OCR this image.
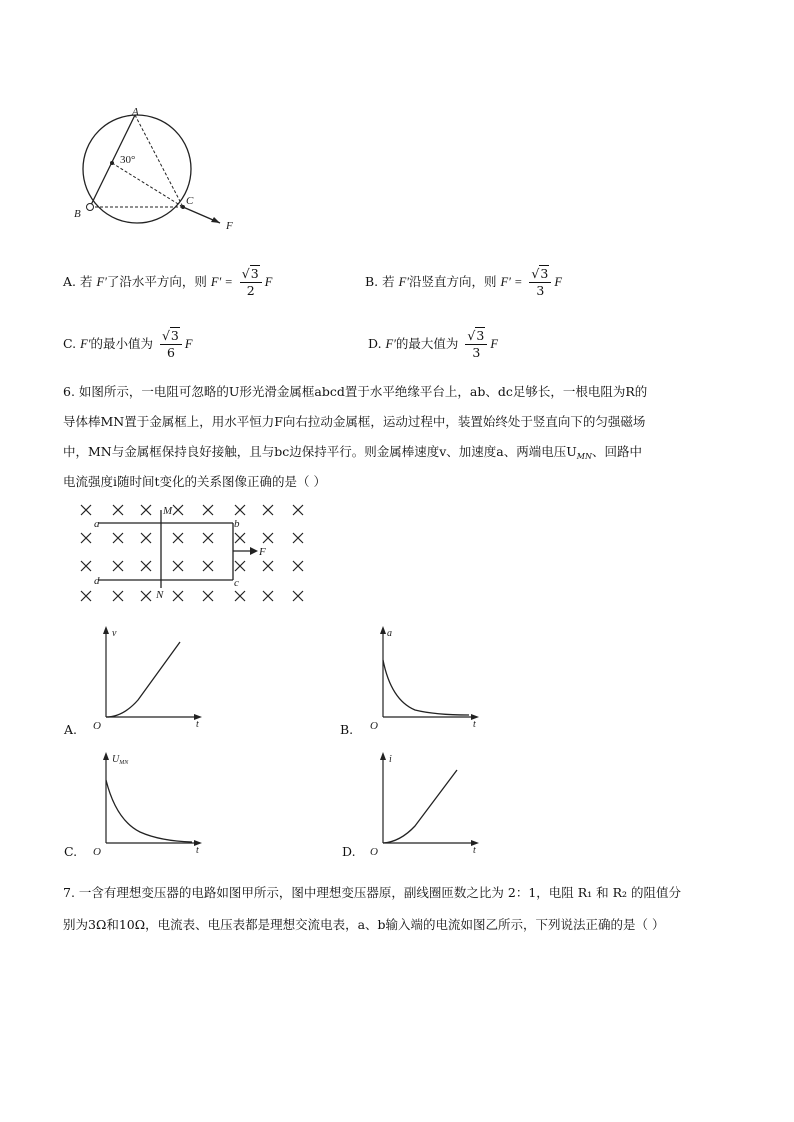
A
B
C
F
30°
A. 若 F′了沿水平方向，则 $F' = \frac{√3}{2}$ F	B. 若 F′沿竖直方向，则 $F' = \frac{√3}{3}$ F
C. F′的最小值为 $\frac{√3}{6}$ F	D. F′的最大值为 $\frac{√3}{3}$ F
6. 如图所示，一电阻可忽略的U形光滑金属框abcd置于水平绝缘平台上，ab、dc足够长，一根电阻为R的
导体棒MN置于金属框上，用水平恒力F向右拉动金属框，运动过程中，装置始终处于竖直向下的匀强磁场
中，MN与金属框保持良好接触，且与bc边保持平行。则金属棒速度v、加速度a、两端电压$U_{MN}$、回路中
电流强度i随时间t变化的关系图像正确的是（ ）
a	b
c
d
M
N
F
A.
v
t
O	B.
a
t
O
C.
$U_{MN}$
t
O	D.
i
t
O
7. 一含有理想变压器的电路如图甲所示，图中理想变压器原，副线圈匝数之比为 2：1，电阻 R₁ 和 R₂ 的阻值分
别为3Ω和10Ω，电流表、电压表都是理想交流电表，a、b输入端的电流如图乙所示，下列说法正确的是（ ）
